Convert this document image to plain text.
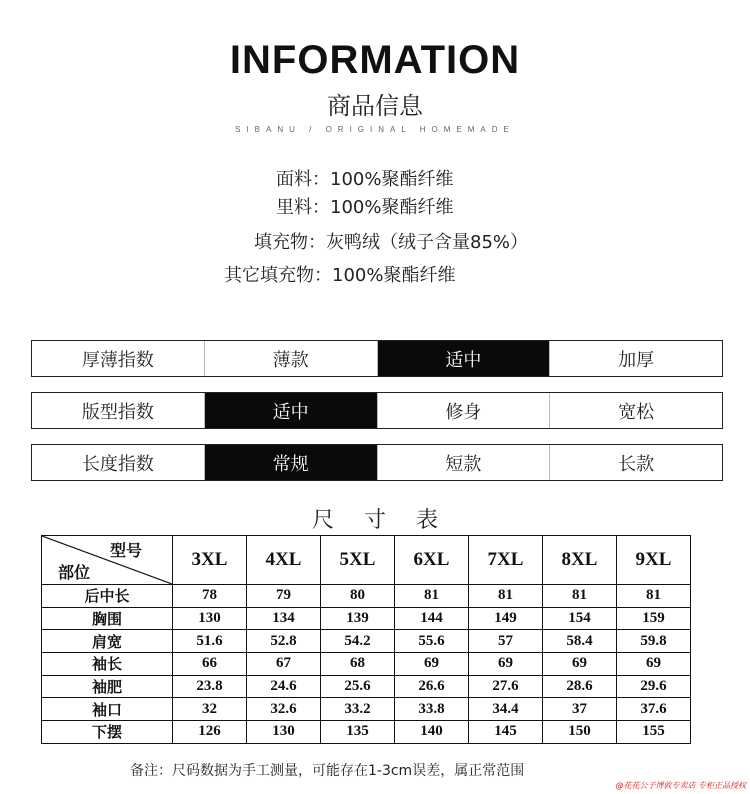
INFORMATION
商品信息
SIBANU / ORIGINAL HOMEMADE
面料：100%聚酯纤维
里料：100%聚酯纤维
填充物：灰鸭绒（绒子含量85%）
其它填充物：100%聚酯纤维
厚薄指数	薄款	适中	加厚
版型指数	适中	修身	宽松
长度指数	常规	短款	长款
尺寸表
型号
部位	3XL	4XL	5XL	6XL	7XL	8XL	9XL
后中长	78	79	80	81	81	81	81
胸围	130	134	139	144	149	154	159
肩宽	51.6	52.8	54.2	55.6	57	58.4	59.8
袖长	66	67	68	69	69	69	69
袖肥	23.8	24.6	25.6	26.6	27.6	28.6	29.6
袖口	32	32.6	33.2	33.8	34.4	37	37.6
下摆	126	130	135	140	145	150	155
备注：尺码数据为手工测量，可能存在1-3cm误差，属正常范围
@花花公子博敦专卖店 专柜正品授权
